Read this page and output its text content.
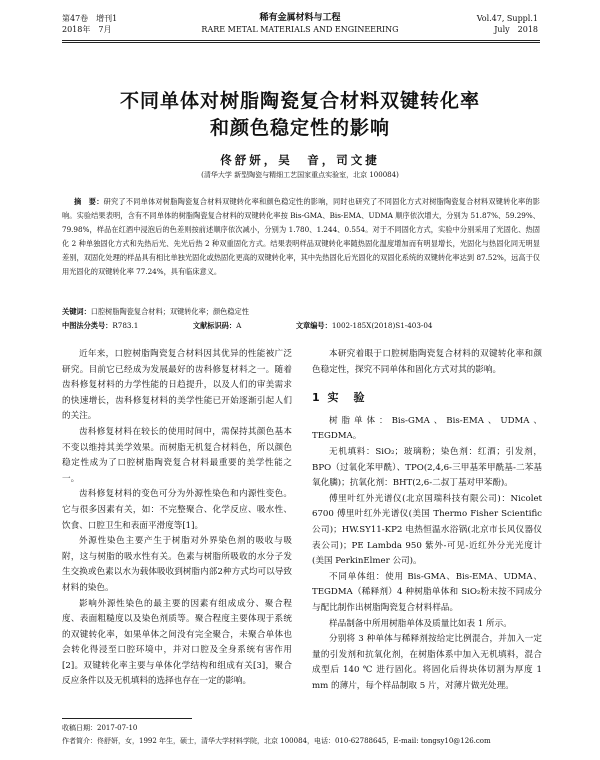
第47卷　增刊1
2018年　7月
稀有金属材料与工程
RARE METAL MATERIALS AND ENGINEERING
Vol.47, Suppl.1
July　2018
不同单体对树脂陶瓷复合材料双键转化率
和颜色稳定性的影响
佟舒妍，吴　音，司文捷
(清华大学 新型陶瓷与精细工艺国家重点实验室，北京 100084)
摘　要：研究了不同单体对树脂陶瓷复合材料双键转化率和颜色稳定性的影响，同时也研究了不同固化方式对树脂陶瓷复合材料双键转化率的影响。实验结果表明，含有不同单体的树脂陶瓷复合材料的双键转化率按 Bis-GMA、Bis-EMA、UDMA 顺序依次增大，分别为 51.87%、59.29%、79.98%，样品在红酒中浸泡后的色差则按前述顺序依次减小，分别为 1.780、1.244、0.554。对于不同固化方式，实验中分别采用了光固化、热固化 2 种单独固化方式和先热后光、先光后热 2 种双重固化方式。结果表明样品双键转化率随热固化温度增加而有明显增长，光固化与热固化同无明显差别，双固化处理的样品具有相比单独光固化或热固化更高的双键转化率，其中先热固化后光固化的双固化系统的双键转化率达到 87.52%，远高于仅用光固化的双键转化率 77.24%，具有临床意义。
关键词：口腔树脂陶瓷复合材料；双键转化率；颜色稳定性
中图法分类号：R783.1	文献标识码：A	文章编号：1002-185X(2018)S1-403-04

近年来，口腔树脂陶瓷复合材料因其优异的性能被广泛研究。目前它已经成为发展最好的齿科修复材料之一。随着齿科修复材料的力学性能的日趋提升，以及人们的审美需求的快速增长，齿科修复材料的美学性能已开始逐渐引起人们的关注。

齿科修复材料在较长的使用时间中，需保持其颜色基本不变以维持其美学效果。而树脂无机复合材料色，所以颜色稳定性成为了口腔树脂陶瓷复合材料最重要的美学性能之一。

齿科修复材料的变色可分为外源性染色和内源性变色。它与很多因素有关，如：不完整聚合、化学反应、吸水性、饮食、口腔卫生和表面平滑度等[1]。

外源性染色主要产生于树脂对外界染色剂的吸收与吸附，这与树脂的吸水性有关。色素与树脂所吸收的水分子发生交换或色素以水为载体吸收到树脂内部2种方式均可以导致材料的染色。

影响外源性染色的最主要的因素有组成成分、聚合程度、表面粗糙度以及染色剂质等。聚合程度主要体现于系统的双键转化率，如果单体之间没有完全聚合，未聚合单体也会转化得浸至口腔环境中，并对口腔及全身系统有害作用[2]。双键转化率主要与单体化学结构和组成有关[3]，聚合反应条件以及无机填料的选择也存在一定的影响。

本研究着眼于口腔树脂陶瓷复合材料的双键转化率和颜色稳定性，探究不同单体和固化方式对其的影响。

1 实　验

树脂单体：Bis-GMA、Bis-EMA、UDMA、TEGDMA。

无机填料：SiO₂；玻璃粉；染色剂：红酒；引发剂，BPO（过氧化苯甲酰）、TPO(2,4,6-三甲基苯甲酰基-二苯基氧化膦)；抗氧化剂：BHT(2,6-二叔丁基对甲苯酚)。

傅里叶红外光谱仪(北京国瑞科技有限公司)：Nicolet 6700 傅里叶红外光谱仪(美国 Thermo Fisher Scientific 公司)；HW.SY11-KP2 电热恒温水浴锅(北京市长风仪器仪表公司)；PE Lambda 950 紫外-可见-近红外分光光度计(美国 PerkinElmer 公司)。

不同单体组：使用 Bis-GMA、Bis-EMA、UDMA、TEGDMA（稀释剂）4 种树脂单体和 SiO₂粉末按不同成分与配比制作出树脂陶瓷复合材料样品。

样品制备中所用树脂单体及质量比如表 1 所示。

分别将 3 种单体与稀释剂按给定比例混合，并加入一定量的引发剂和抗氧化剂，在树脂体系中加入无机填料，混合成型后 140 ℃ 进行固化。将固化后得块体切割为厚度 1 mm 的薄片，每个样品制取 5 片，对薄片做光处理。

收稿日期：2017-07-10
作者简介：佟舒妍，女，1992 年生，硕士，清华大学材料学院，北京 100084，电话：010-62788645，E-mail: tongsy10@126.com
